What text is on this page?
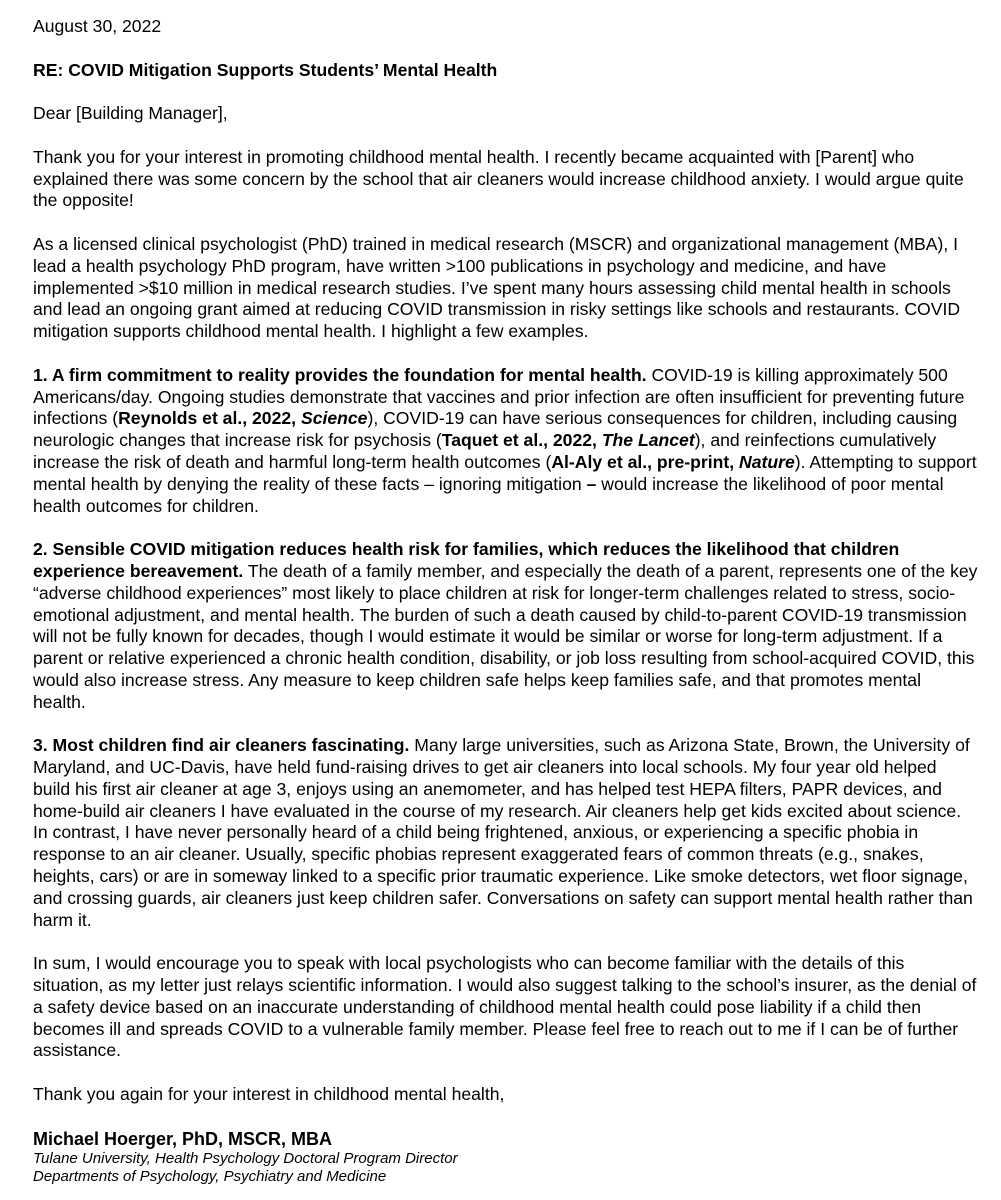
August 30, 2022

RE: COVID Mitigation Supports Students’ Mental Health

Dear [Building Manager],

Thank you for your interest in promoting childhood mental health. I recently became acquainted with [Parent] who explained there was some concern by the school that air cleaners would increase childhood anxiety. I would argue quite the opposite!

As a licensed clinical psychologist (PhD) trained in medical research (MSCR) and organizational management (MBA), I lead a health psychology PhD program, have written >100 publications in psychology and medicine, and have implemented >$10 million in medical research studies. I’ve spent many hours assessing child mental health in schools and lead an ongoing grant aimed at reducing COVID transmission in risky settings like schools and restaurants. COVID mitigation supports childhood mental health. I highlight a few examples.

1. A firm commitment to reality provides the foundation for mental health. COVID-19 is killing approximately 500 Americans/day. Ongoing studies demonstrate that vaccines and prior infection are often insufficient for preventing future infections (Reynolds et al., 2022, Science), COVID-19 can have serious consequences for children, including causing neurologic changes that increase risk for psychosis (Taquet et al., 2022, The Lancet), and reinfections cumulatively increase the risk of death and harmful long-term health outcomes (Al-Aly et al., pre-print, Nature). Attempting to support mental health by denying the reality of these facts – ignoring mitigation – would increase the likelihood of poor mental health outcomes for children.

2. Sensible COVID mitigation reduces health risk for families, which reduces the likelihood that children experience bereavement. The death of a family member, and especially the death of a parent, represents one of the key “adverse childhood experiences” most likely to place children at risk for longer-term challenges related to stress, socio-emotional adjustment, and mental health. The burden of such a death caused by child-to-parent COVID-19 transmission will not be fully known for decades, though I would estimate it would be similar or worse for long-term adjustment. If a parent or relative experienced a chronic health condition, disability, or job loss resulting from school-acquired COVID, this would also increase stress. Any measure to keep children safe helps keep families safe, and that promotes mental health.

3. Most children find air cleaners fascinating. Many large universities, such as Arizona State, Brown, the University of Maryland, and UC-Davis, have held fund-raising drives to get air cleaners into local schools. My four year old helped build his first air cleaner at age 3, enjoys using an anemometer, and has helped test HEPA filters, PAPR devices, and home-build air cleaners I have evaluated in the course of my research. Air cleaners help get kids excited about science. In contrast, I have never personally heard of a child being frightened, anxious, or experiencing a specific phobia in response to an air cleaner. Usually, specific phobias represent exaggerated fears of common threats (e.g., snakes, heights, cars) or are in someway linked to a specific prior traumatic experience. Like smoke detectors, wet floor signage, and crossing guards, air cleaners just keep children safer. Conversations on safety can support mental health rather than harm it.

In sum, I would encourage you to speak with local psychologists who can become familiar with the details of this situation, as my letter just relays scientific information. I would also suggest talking to the school’s insurer, as the denial of a safety device based on an inaccurate understanding of childhood mental health could pose liability if a child then becomes ill and spreads COVID to a vulnerable family member. Please feel free to reach out to me if I can be of further assistance.

Thank you again for your interest in childhood mental health,

Michael Hoerger, PhD, MSCR, MBA

Tulane University, Health Psychology Doctoral Program Director

Departments of Psychology, Psychiatry and Medicine
